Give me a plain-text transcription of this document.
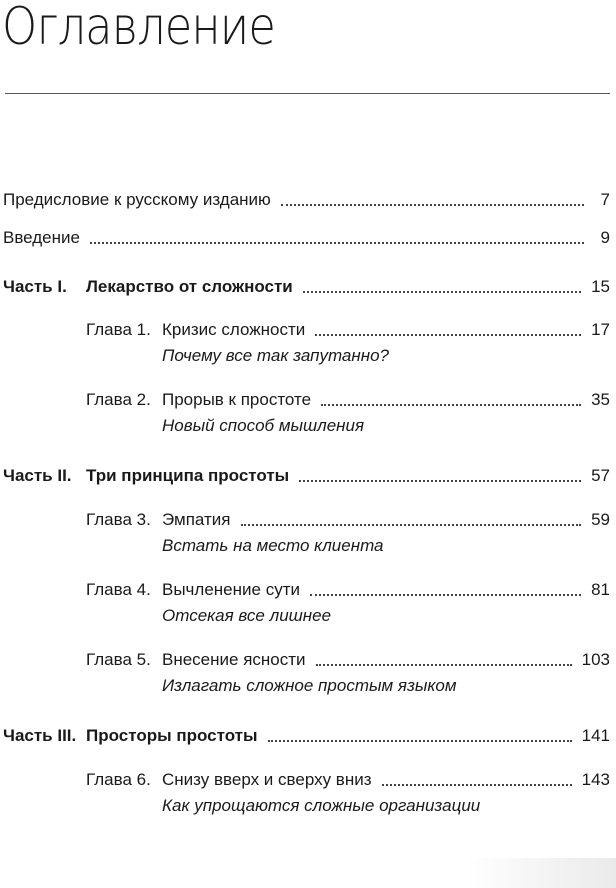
Оглавление
Предисловие к русскому изданию	7
Введение	9
Часть I.	Лекарство от сложности	15
Глава 1. Кризис сложности	17
Почему все так запутанно?
Глава 2. Прорыв к простоте	35
Новый способ мышления
Часть II. Три принципа простоты	57
Глава 3. Эмпатия	59
Встать на место клиента
Глава 4. Вычленение сути	81
Отсекая все лишнее
Глава 5. Внесение ясности	103
Излагать сложное простым языком
Часть III. Просторы простоты	141
Глава 6. Снизу вверх и сверху вниз	143
Как упрощаются сложные организации
